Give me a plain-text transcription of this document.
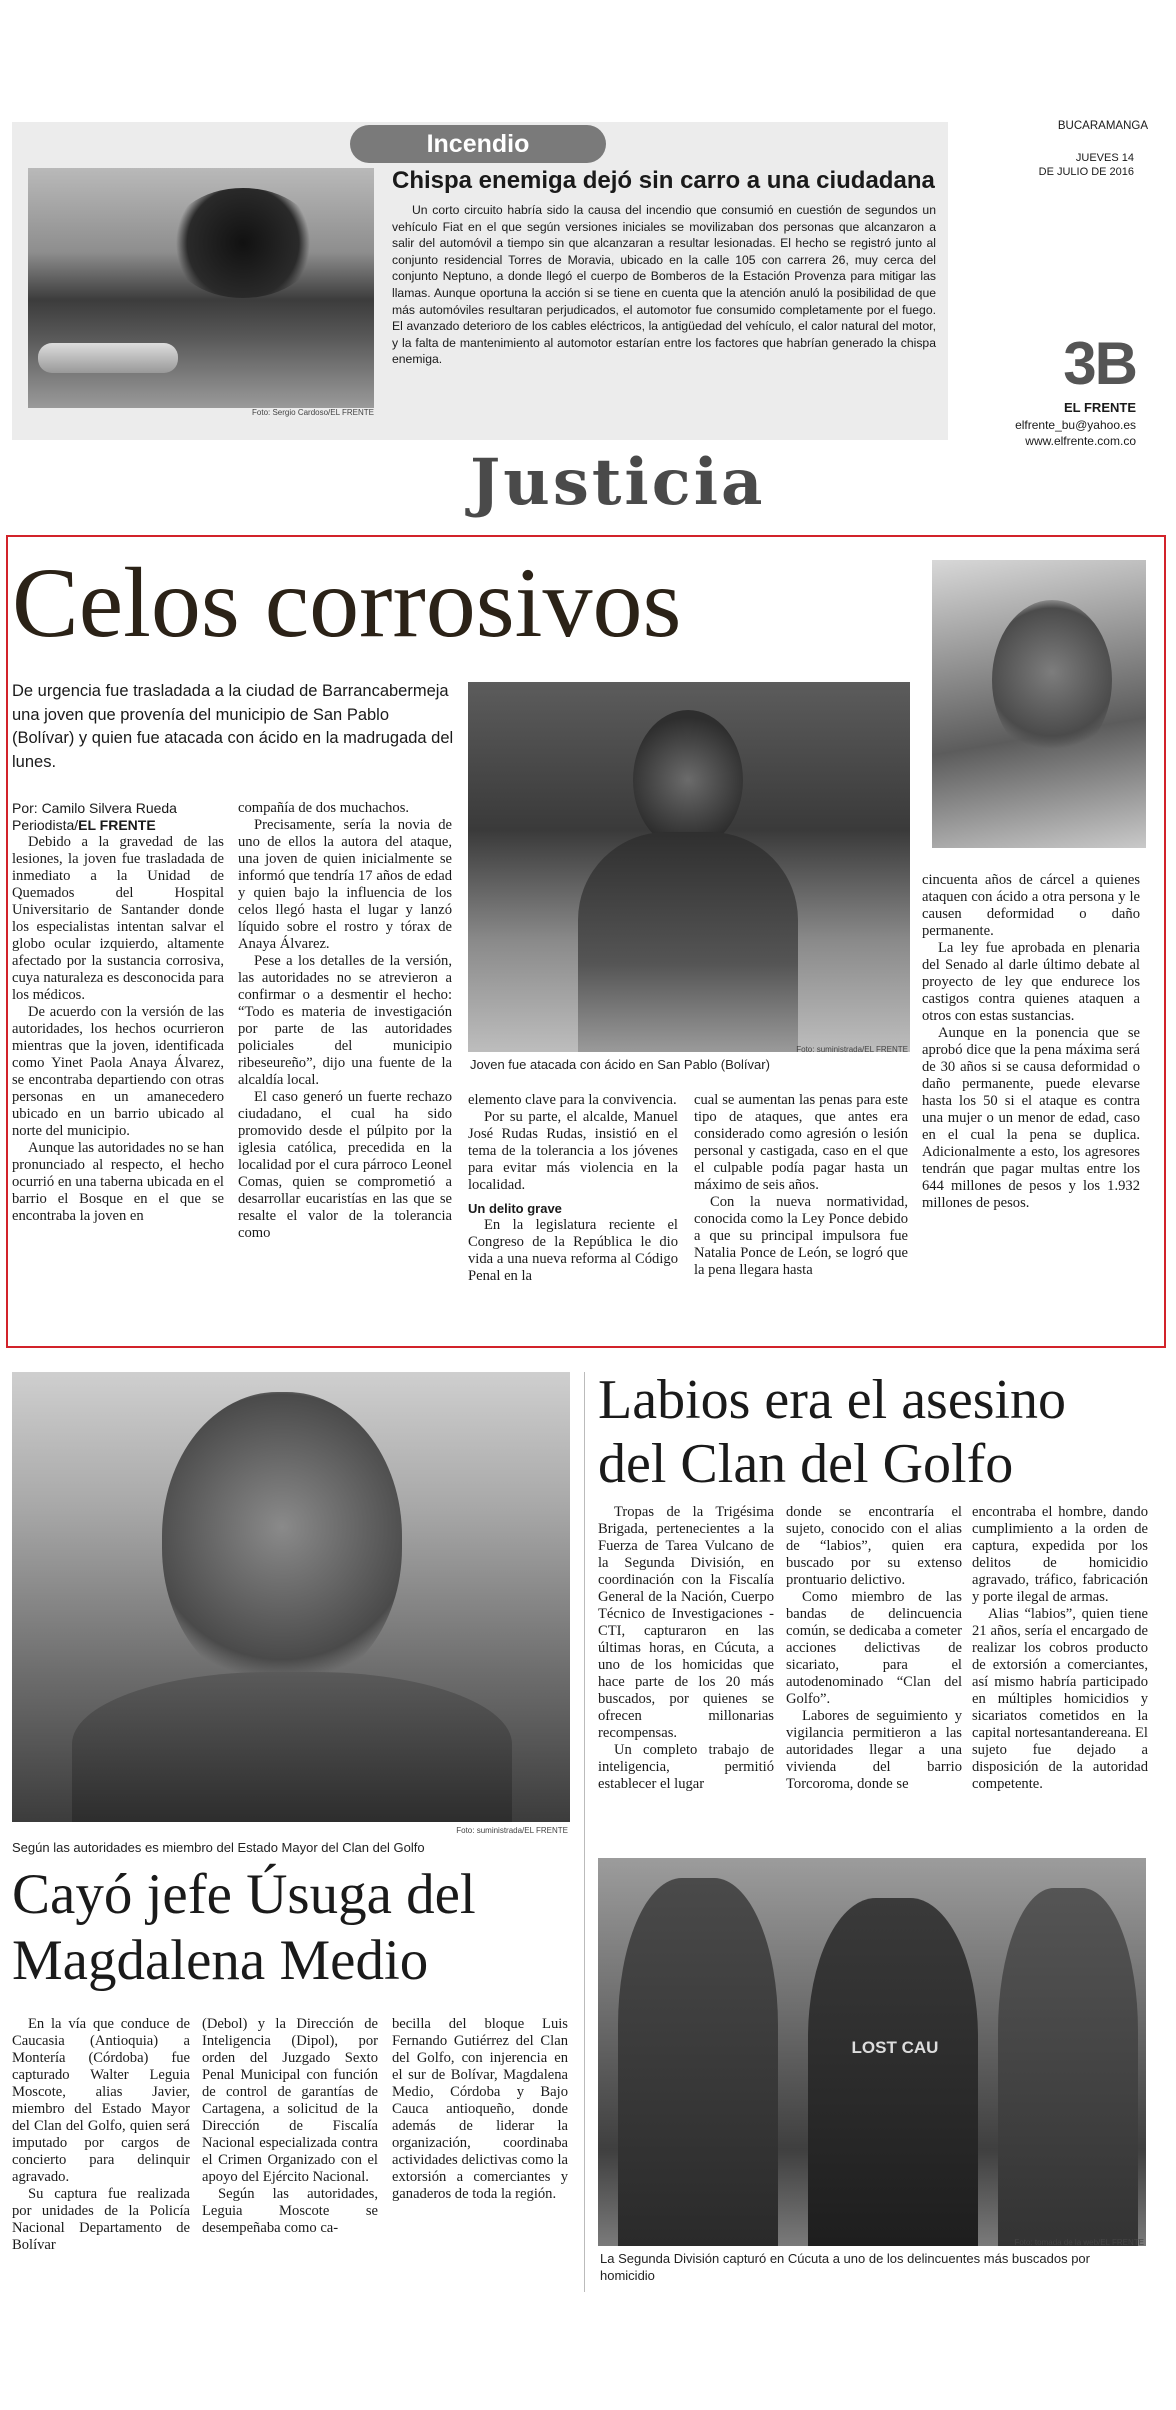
Foto: Sergio Cardoso/EL FRENTE
Incendio
Chispa enemiga dejó sin carro a una ciudadana
Un corto circuito habría sido la causa del incendio que consumió en cuestión de segundos un vehículo Fiat en el que según versiones iniciales se movilizaban dos personas que alcanzaron a salir del automóvil a tiempo sin que alcanzaran a resultar lesionadas. El hecho se registró junto al conjunto residencial Torres de Moravia, ubicado en la calle 105 con carrera 26, muy cerca del conjunto Neptuno, a donde llegó el cuerpo de Bomberos de la Estación Provenza para mitigar las llamas. Aunque oportuna la acción si se tiene en cuenta que la atención anuló la posibilidad de que más automóviles resultaran perjudicados, el automotor fue consumido completamente por el fuego. El avanzado deterioro de los cables eléctricos, la antigüedad del vehículo, el calor natural del motor, y la falta de mantenimiento al automotor estarían entre los factores que habrían generado la chispa enemiga.
BUCARAMANGA
JUEVES 14
DE JULIO DE 2016
3B
EL FRENTE
elfrente_bu@yahoo.es
www.elfrente.com.co
Justicia
Celos corrosivos
De urgencia fue trasladada a la ciudad de Barrancabermeja una joven que provenía del municipio de San Pablo (Bolívar) y quien fue atacada con ácido en la madrugada del lunes.
Foto: suministrada/EL FRENTE
Joven fue atacada con ácido en San Pablo (Bolívar)
Por: Camilo Silvera Rueda
Periodista/EL FRENTE

Debido a la gravedad de las lesiones, la joven fue trasladada de inmediato a la Unidad de Quemados del Hospital Universitario de Santander donde los especialistas intentan salvar el globo ocular izquierdo, altamente afectado por la sustancia corrosiva, cuya naturaleza es desconocida para los médicos.

De acuerdo con la versión de las autoridades, los hechos ocurrieron mientras que la joven, identificada como Yinet Paola Anaya Álvarez, se encontraba departiendo con otras personas en un amanecedero ubicado en un barrio ubicado al norte del municipio.

Aunque las autoridades no se han pronunciado al respecto, el hecho ocurrió en una taberna ubicada en el barrio el Bosque en el que se encontraba la joven en

compañía de dos muchachos.

Precisamente, sería la novia de uno de ellos la autora del ataque, una joven de quien inicialmente se informó que tendría 17 años de edad y quien bajo la influencia de los celos llegó hasta el lugar y lanzó líquido sobre el rostro y tórax de Anaya Álvarez.

Pese a los detalles de la versión, las autoridades no se atrevieron a confirmar o a desmentir el hecho: “Todo es materia de investigación por parte de las autoridades policiales del municipio ribeseureño”, dijo una fuente de la alcaldía local.

El caso generó un fuerte rechazo ciudadano, el cual ha sido promovido desde el púlpito por la iglesia católica, precedida en la localidad por el cura párroco Leonel Comas, quien se comprometió a desarrollar eucaristías en las que se resalte el valor de la tolerancia como

elemento clave para la convivencia.

Por su parte, el alcalde, Manuel José Rudas Rudas, insistió en el tema de la tolerancia a los jóvenes para evitar más violencia en la localidad.

Un delito grave

En la legislatura reciente el Congreso de la República le dio vida a una nueva reforma al Código Penal en la

cual se aumentan las penas para este tipo de ataques, que antes era considerado como agresión o lesión personal y castigada, caso en el que el culpable podía pagar hasta un máximo de seis años.

Con la nueva normatividad, conocida como la Ley Ponce debido a que su principal impulsora fue Natalia Ponce de León, se logró que la pena llegara hasta

cincuenta años de cárcel a quienes ataquen con ácido a otra persona y le causen deformidad o daño permanente.

La ley fue aprobada en plenaria del Senado al darle último debate al proyecto de ley que endurece los castigos contra quienes ataquen a otros con estas sustancias.

Aunque en la ponencia que se aprobó dice que la pena máxima será de 30 años si se causa deformidad o daño permanente, puede elevarse hasta los 50 si el ataque es contra una mujer o un menor de edad, caso en el cual la pena se duplica. Adicionalmente a esto, los agresores tendrán que pagar multas entre los 644 millones de pesos y los 1.932 millones de pesos.

Foto: suministrada/EL FRENTE
Según las autoridades es miembro del Estado Mayor del Clan del Golfo
Cayó jefe Úsuga del
Magdalena Medio

En la vía que conduce de Caucasia (Antioquia) a Montería (Córdoba) fue capturado Walter Leguia Moscote, alias Javier, miembro del Estado Mayor del Clan del Golfo, quien será imputado por cargos de concierto para delinquir agravado.

Su captura fue realizada por unidades de la Policía Nacional Departamento de Bolívar

(Debol) y la Dirección de Inteligencia (Dipol), por orden del Juzgado Sexto Penal Municipal con función de control de garantías de Cartagena, a solicitud de la Dirección de Fiscalía Nacional especializada contra el Crimen Organizado con el apoyo del Ejército Nacional.

Según las autoridades, Leguia Moscote se desempeñaba como ca-

becilla del bloque Luis Fernando Gutiérrez del Clan del Golfo, con injerencia en el sur de Bolívar, Magdalena Medio, Córdoba y Bajo Cauca antioqueño, donde además de liderar la organización, coordinaba actividades delictivas como la extorsión a comerciantes y ganaderos de toda la región.

Labios era el asesino
del Clan del Golfo

Tropas de la Trigésima Brigada, pertenecientes a la Fuerza de Tarea Vulcano de la Segunda División, en coordinación con la Fiscalía General de la Nación, Cuerpo Técnico de Investigaciones - CTI, capturaron en las últimas horas, en Cúcuta, a uno de los homicidas que hace parte de los 20 más buscados, por quienes se ofrecen millonarias recompensas.

Un completo trabajo de inteligencia, permitió establecer el lugar

donde se encontraría el sujeto, conocido con el alias de “labios”, quien era buscado por su extenso prontuario delictivo.

Como miembro de las bandas de delincuencia común, se dedicaba a cometer acciones delictivas de sicariato, para el autodenominado “Clan del Golfo”.

Labores de seguimiento y vigilancia permitieron a las autoridades llegar a una vivienda del barrio Torcoroma, donde se

encontraba el hombre, dando cumplimiento a la orden de captura, expedida por los delitos de homicidio agravado, tráfico, fabricación y porte ilegal de armas.

Alias “labios”, quien tiene 21 años, sería el encargado de realizar los cobros producto de extorsión a comerciantes, así mismo habría participado en múltiples homicidios y sicariatos cometidos en la capital nortesantandereana. El sujeto fue dejado a disposición de la autoridad competente.

LOST CAU
Foto: tomada de la web/EL FRENTE
La Segunda División capturó en Cúcuta a uno de los delincuentes más buscados por homicidio
